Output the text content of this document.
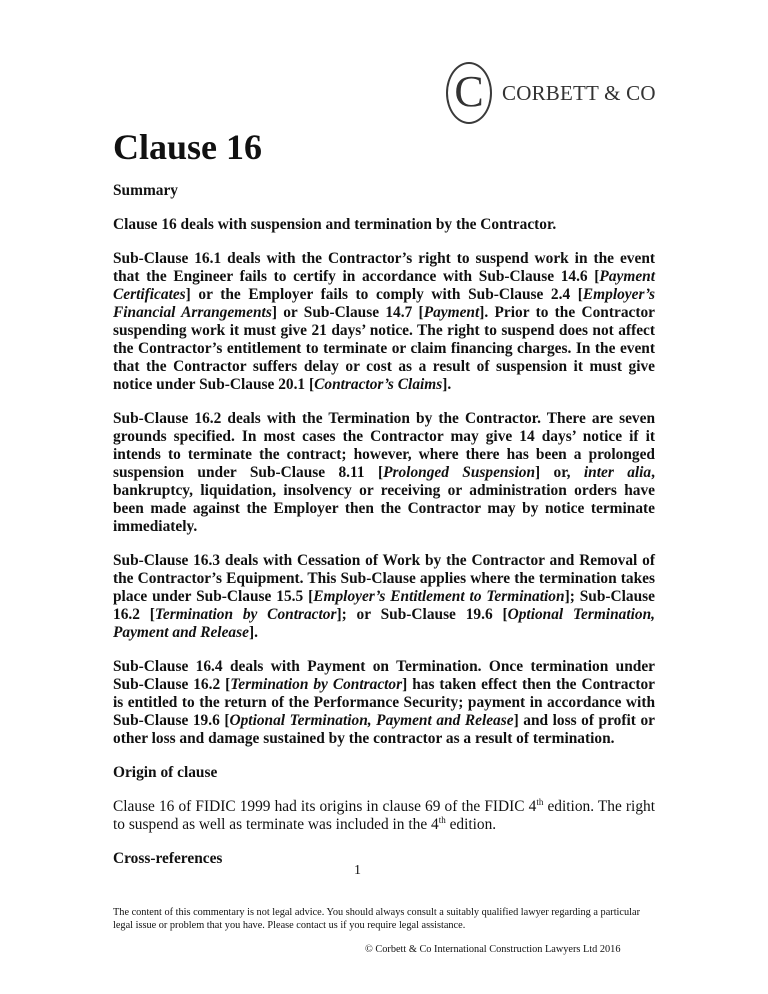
C CORBETT & CO
Clause 16
Summary

Clause 16 deals with suspension and termination by the Contractor.

Sub-Clause 16.1 deals with the Contractor’s right to suspend work in the event that the Engineer fails to certify in accordance with Sub-Clause 14.6 [Payment Certificates] or the Employer fails to comply with Sub-Clause 2.4 [Employer’s Financial Arrangements] or Sub-Clause 14.7 [Payment]. Prior to the Contractor suspending work it must give 21 days’ notice. The right to suspend does not affect the Contractor’s entitlement to terminate or claim financing charges. In the event that the Contractor suffers delay or cost as a result of suspension it must give notice under Sub-Clause 20.1 [Contractor’s Claims].

Sub-Clause 16.2 deals with the Termination by the Contractor. There are seven grounds specified. In most cases the Contractor may give 14 days’ notice if it intends to terminate the contract; however, where there has been a prolonged suspension under Sub-Clause 8.11 [Prolonged Suspension] or, inter alia, bankruptcy, liquidation, insolvency or receiving or administration orders have been made against the Employer then the Contractor may by notice terminate immediately.

Sub-Clause 16.3 deals with Cessation of Work by the Contractor and Removal of the Contractor’s Equipment. This Sub-Clause applies where the termination takes place under Sub-Clause 15.5 [Employer’s Entitlement to Termination]; Sub-Clause 16.2 [Termination by Contractor]; or Sub-Clause 19.6 [Optional Termination, Payment and Release].

Sub-Clause 16.4 deals with Payment on Termination. Once termination under Sub-Clause 16.2 [Termination by Contractor] has taken effect then the Contractor is entitled to the return of the Performance Security; payment in accordance with Sub-Clause 19.6 [Optional Termination, Payment and Release] and loss of profit or other loss and damage sustained by the contractor as a result of termination.

Origin of clause

Clause 16 of FIDIC 1999 had its origins in clause 69 of the FIDIC 4th edition. The right to suspend as well as terminate was included in the 4th edition.

Cross-references
1
The content of this commentary is not legal advice. You should always consult a suitably qualified lawyer regarding a particular legal issue or problem that you have. Please contact us if you require legal assistance.
© Corbett & Co International Construction Lawyers Ltd 2016
